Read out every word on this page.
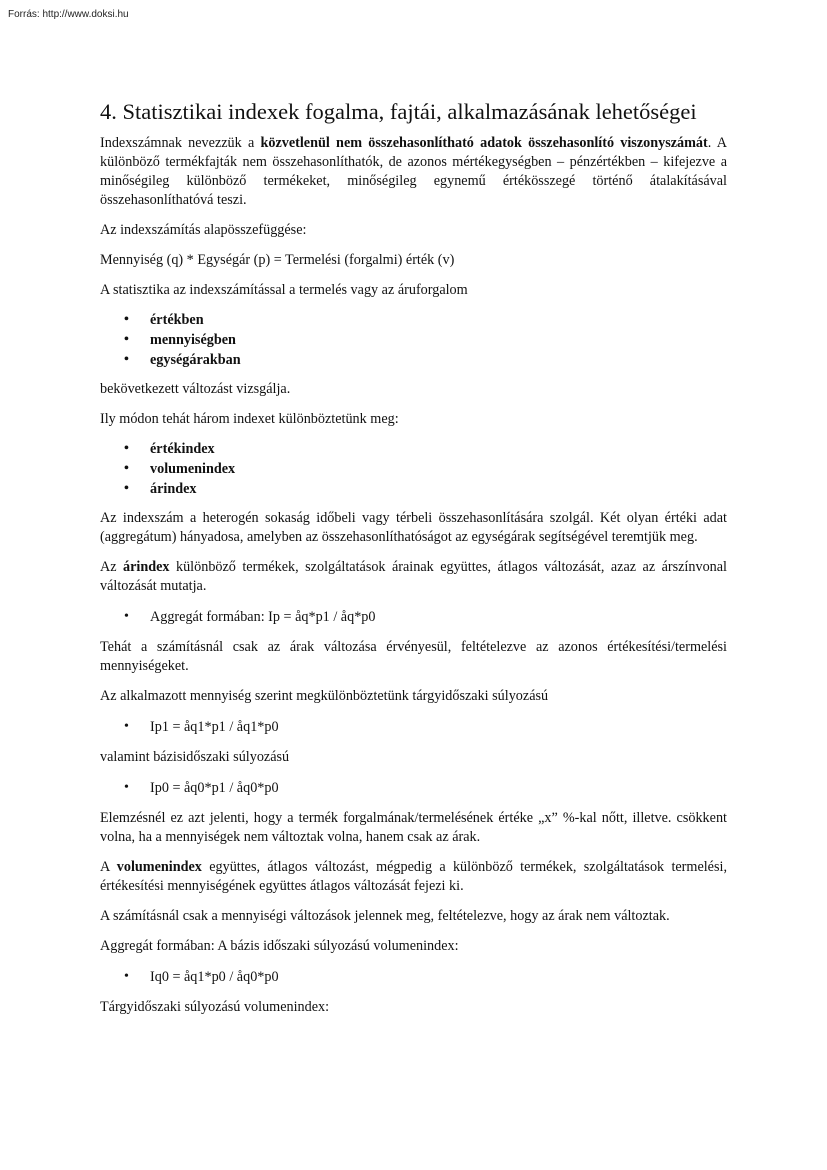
Forrás: http://www.doksi.hu
4. Statisztikai indexek fogalma, fajtái, alkalmazásának lehetőségei

Indexszámnak nevezzük a közvetlenül nem összehasonlítható adatok összehasonlító viszonyszámát. A különböző termékfajták nem összehasonlíthatók, de azonos mértékegységben – pénzértékben – kifejezve a minőségileg különböző termékeket, minőségileg egynemű értékösszegé történő átalakításával összehasonlíthatóvá teszi.

Az indexszámítás alapösszefüggése:

Mennyiség (q) * Egységár (p) = Termelési (forgalmi) érték (v)

A statisztika az indexszámítással a termelés vagy az áruforgalom

• értékben
• mennyiségben
• egységárakban

bekövetkezett változást vizsgálja.

Ily módon tehát három indexet különböztetünk meg:

• értékindex
• volumenindex
• árindex

Az indexszám a heterogén sokaság időbeli vagy térbeli összehasonlítására szolgál. Két olyan értéki adat (aggregátum) hányadosa, amelyben az összehasonlíthatóságot az egységárak segítségével teremtjük meg.

Az árindex különböző termékek, szolgáltatások árainak együttes, átlagos változását, azaz az árszínvonal változását mutatja.

• Aggregát formában: Ip = åq*p1 / åq*p0

Tehát a számításnál csak az árak változása érvényesül, feltételezve az azonos értékesítési/termelési mennyiségeket.

Az alkalmazott mennyiség szerint megkülönböztetünk tárgyidőszaki súlyozású

• Ip1 = åq1*p1 / åq1*p0

valamint bázisidőszaki súlyozású

• Ip0 = åq0*p1 / åq0*p0

Elemzésnél ez azt jelenti, hogy a termék forgalmának/termelésének értéke „x” %-kal nőtt, illetve. csökkent volna, ha a mennyiségek nem változtak volna, hanem csak az árak.

A volumenindex együttes, átlagos változást, mégpedig a különböző termékek, szolgáltatások termelési, értékesítési mennyiségének együttes átlagos változását fejezi ki.

A számításnál csak a mennyiségi változások jelennek meg, feltételezve, hogy az árak nem változtak.

Aggregát formában: A bázis időszaki súlyozású volumenindex:

• Iq0 = åq1*p0 / åq0*p0

Tárgyidőszaki súlyozású volumenindex:
